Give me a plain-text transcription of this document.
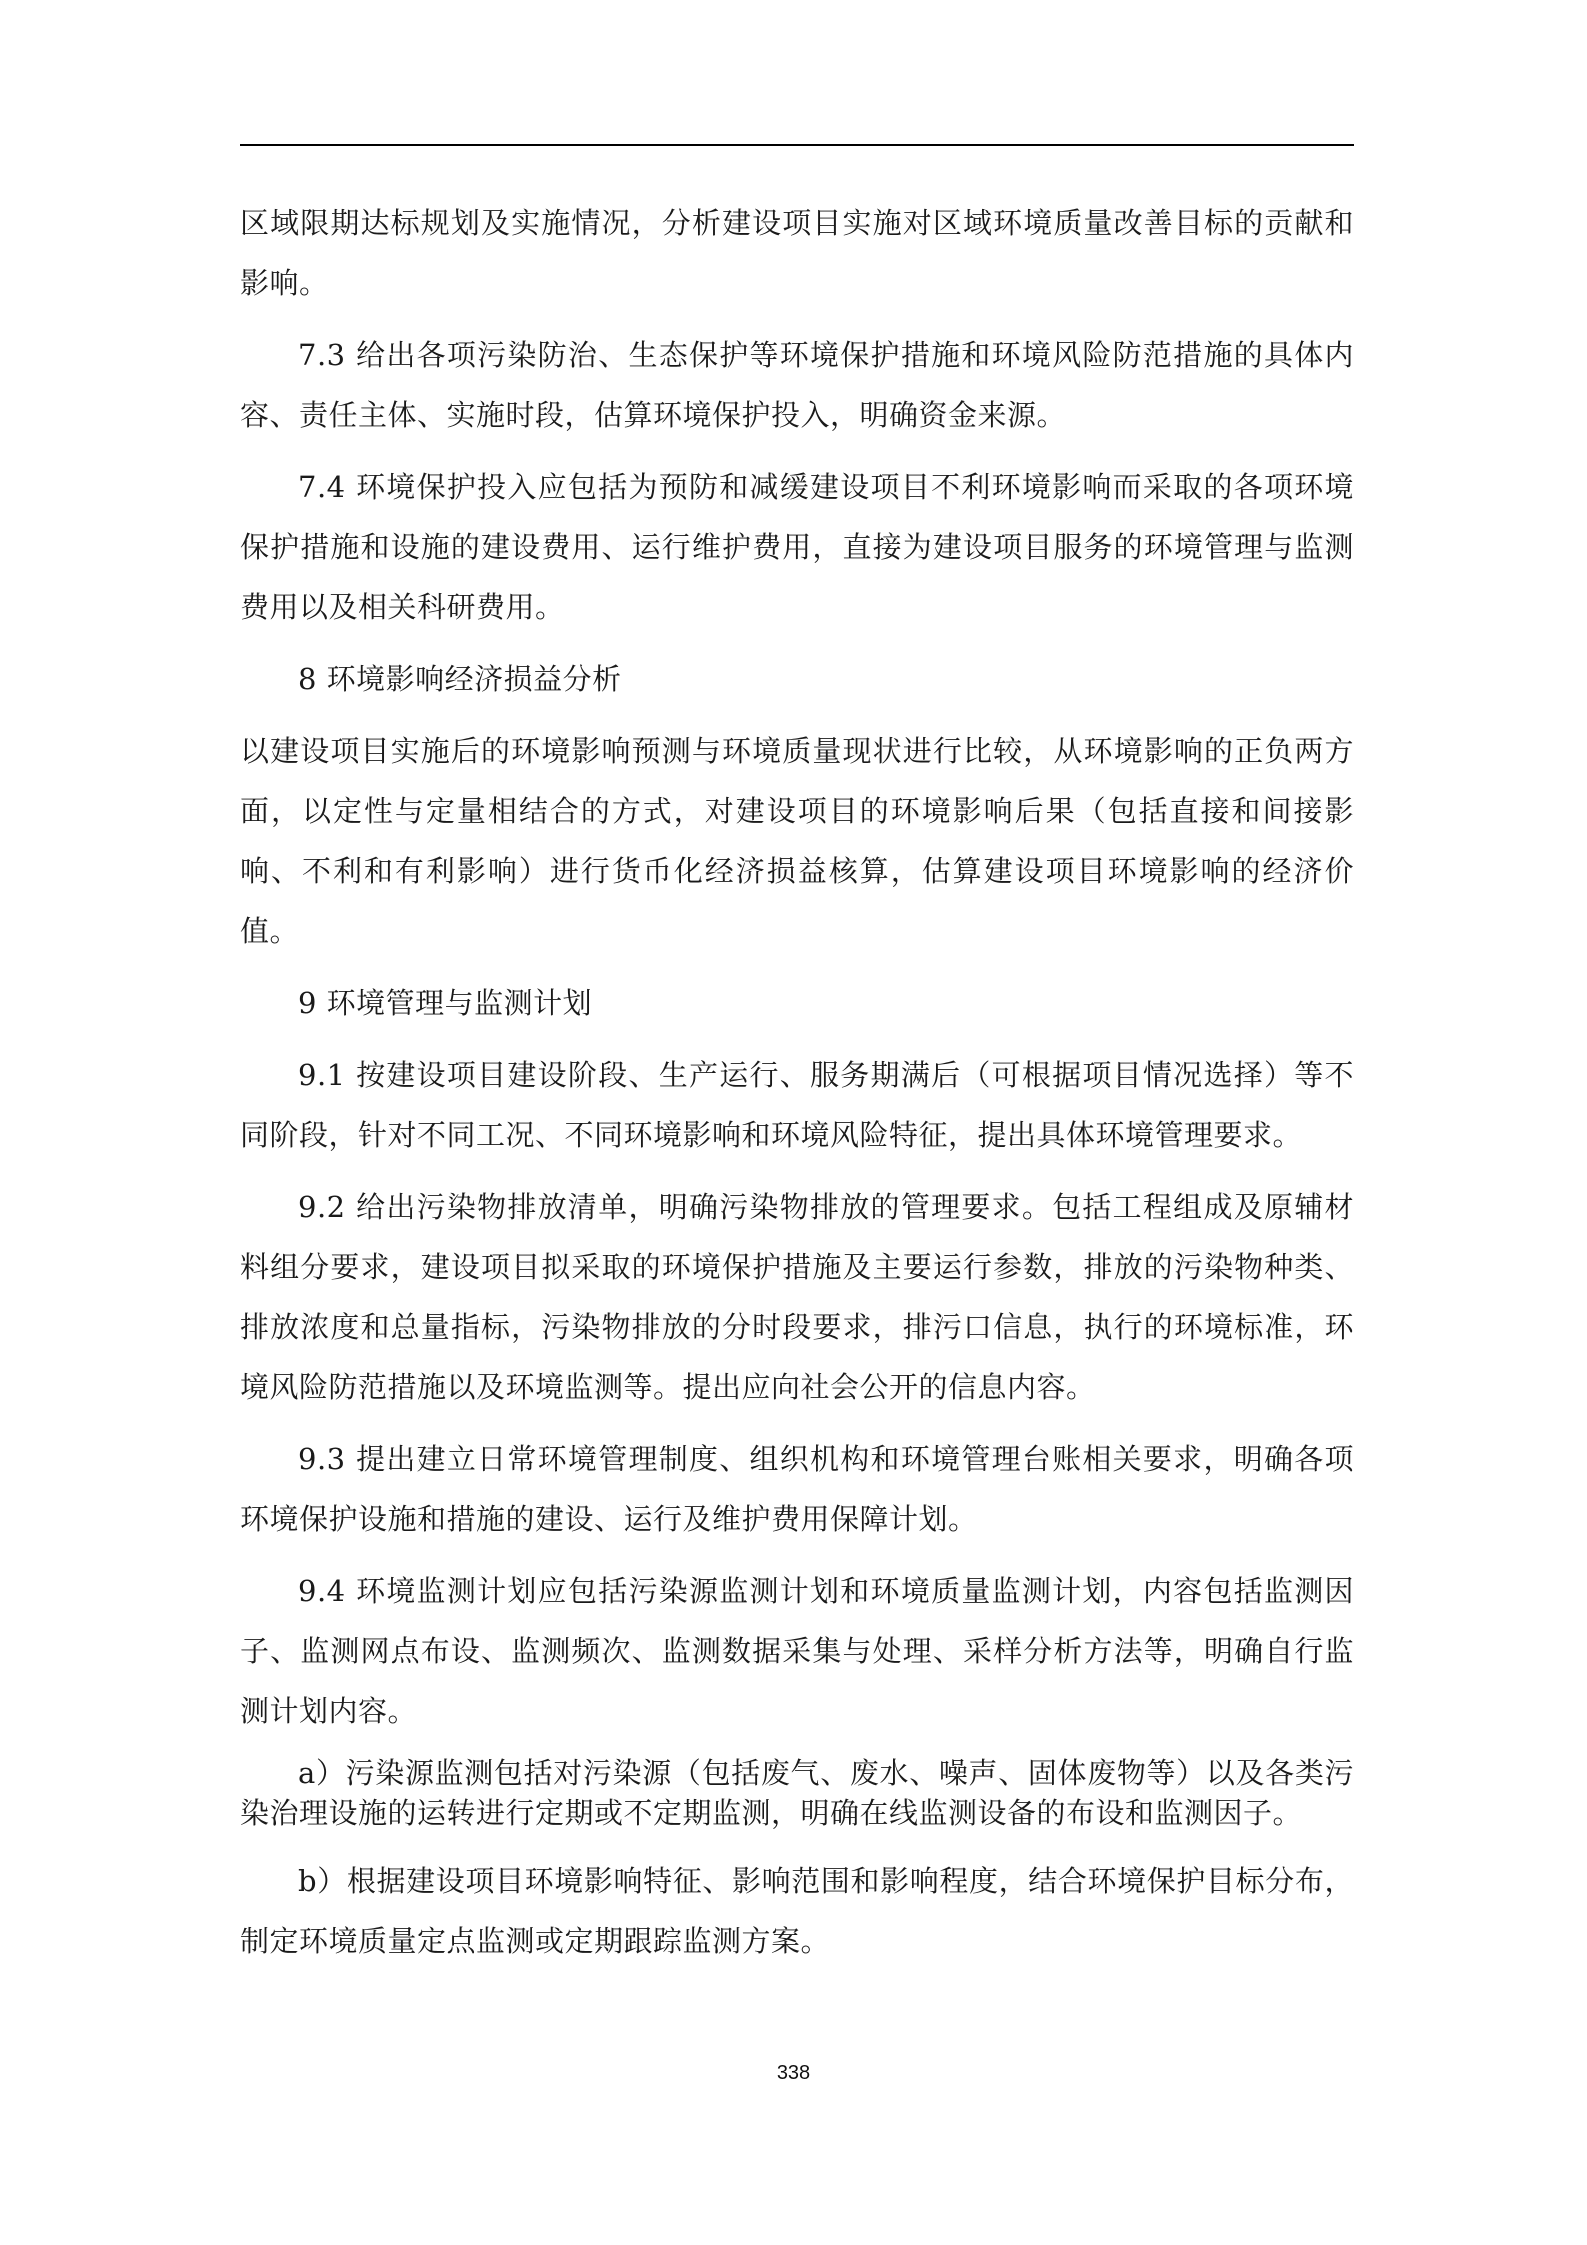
区域限期达标规划及实施情况，分析建设项目实施对区域环境质量改善目标的贡献和影响。

7.3 给出各项污染防治、生态保护等环境保护措施和环境风险防范措施的具体内容、责任主体、实施时段，估算环境保护投入，明确资金来源。

7.4 环境保护投入应包括为预防和减缓建设项目不利环境影响而采取的各项环境保护措施和设施的建设费用、运行维护费用，直接为建设项目服务的环境管理与监测费用以及相关科研费用。

8 环境影响经济损益分析

以建设项目实施后的环境影响预测与环境质量现状进行比较，从环境影响的正负两方面，以定性与定量相结合的方式，对建设项目的环境影响后果（包括直接和间接影响、不利和有利影响）进行货币化经济损益核算，估算建设项目环境影响的经济价值。

9 环境管理与监测计划

9.1 按建设项目建设阶段、生产运行、服务期满后（可根据项目情况选择）等不同阶段，针对不同工况、不同环境影响和环境风险特征，提出具体环境管理要求。

9.2 给出污染物排放清单，明确污染物排放的管理要求。包括工程组成及原辅材料组分要求，建设项目拟采取的环境保护措施及主要运行参数，排放的污染物种类、排放浓度和总量指标，污染物排放的分时段要求，排污口信息，执行的环境标准，环境风险防范措施以及环境监测等。提出应向社会公开的信息内容。

9.3 提出建立日常环境管理制度、组织机构和环境管理台账相关要求，明确各项环境保护设施和措施的建设、运行及维护费用保障计划。

9.4 环境监测计划应包括污染源监测计划和环境质量监测计划，内容包括监测因子、监测网点布设、监测频次、监测数据采集与处理、采样分析方法等，明确自行监测计划内容。

a）污染源监测包括对污染源（包括废气、废水、噪声、固体废物等）以及各类污染治理设施的运转进行定期或不定期监测，明确在线监测设备的布设和监测因子。

b）根据建设项目环境影响特征、影响范围和影响程度，结合环境保护目标分布，制定环境质量定点监测或定期跟踪监测方案。

338
